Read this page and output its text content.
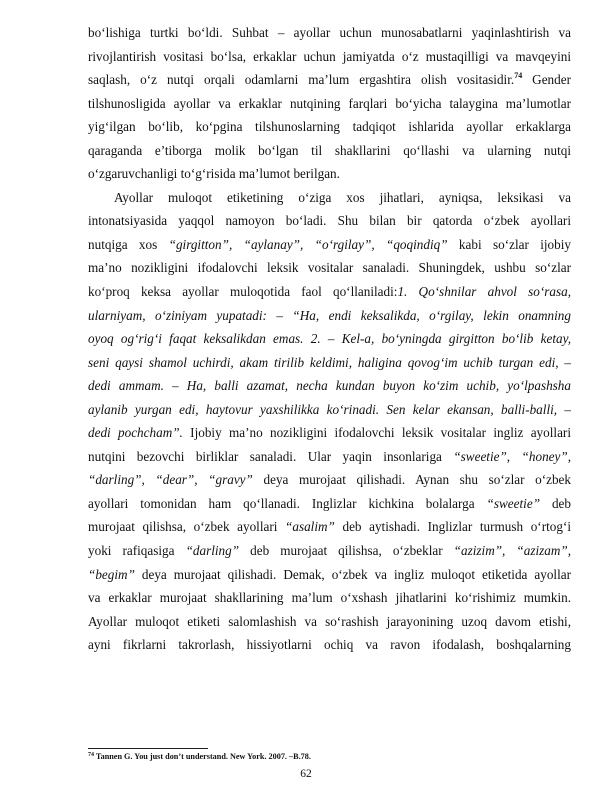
bo‘lishiga turtki bo‘ldi. Suhbat – ayollar uchun munosabatlarni yaqinlashtirish va
rivojlantirish vositasi bo‘lsa, erkaklar uchun jamiyatda o‘z mustaqilligi va mavqeyini
saqlash, o‘z nutqi orqali odamlarni ma’lum ergashtira olish vositasidir.$^{74}$ Gender
tilshunosligida ayollar va erkaklar nutqining farqlari bo‘yicha talaygina ma’lumotlar
yig‘ilgan bo‘lib, ko‘pgina tilshunoslarning tadqiqot ishlarida ayollar erkaklarga
qaraganda e’tiborga molik bo‘lgan til shakllarini qo‘llashi va ularning nutqi
o‘zgaruvchanligi to‘g‘risida ma’lumot berilgan.
Ayollar muloqot etiketining o‘ziga xos jihatlari, ayniqsa, leksikasi va
intonatsiyasida yaqqol namoyon bo‘ladi. Shu bilan bir qatorda o‘zbek ayollari
nutqiga xos “girgitton”, “aylanay”, “o‘rgilay”, “qoqindiq” kabi so‘zlar ijobiy
ma’no nozikligini ifodalovchi leksik vositalar sanaladi. Shuningdek, ushbu so‘zlar
ko‘proq keksa ayollar muloqotida faol qo‘llaniladi:1. Qo‘shnilar ahvol so‘rasa,
ularniyam, o‘ziniyam yupatadi: – “Ha, endi keksalikda, o‘rgilay, lekin onamning
oyoq og‘rig‘i faqat keksalikdan emas. 2. – Kel-a, bo‘yningda girgitton bo‘lib ketay,
seni qaysi shamol uchirdi, akam tirilib keldimi, haligina qovog‘im uchib turgan edi, –
dedi ammam. – Ha, balli azamat, necha kundan buyon ko‘zim uchib, yo‘lpashsha
aylanib yurgan edi, haytovur yaxshilikka ko‘rinadi. Sen kelar ekansan, balli-balli, –
dedi pochcham”. Ijobiy ma’no nozikligini ifodalovchi leksik vositalar ingliz ayollari
nutqini bezovchi birliklar sanaladi. Ular yaqin insonlariga “sweetie”, “honey”,
“darling”, “dear”, “gravy” deya murojaat qilishadi. Aynan shu so‘zlar o‘zbek
ayollari tomonidan ham qo‘llanadi. Inglizlar kichkina bolalarga “sweetie” deb
murojaat qilishsa, o‘zbek ayollari “asalim” deb aytishadi. Inglizlar turmush o‘rtog‘i
yoki rafiqasiga “darling” deb murojaat qilishsa, o‘zbeklar “azizim”, “azizam”,
“begim” deya murojaat qilishadi. Demak, o‘zbek va ingliz muloqot etiketida ayollar
va erkaklar murojaat shakllarining ma’lum o‘xshash jihatlarini ko‘rishimiz mumkin.
Ayollar muloqot etiketi salomlashish va so‘rashish jarayonining uzoq davom etishi,
ayni fikrlarni takrorlash, hissiyotlarni ochiq va ravon ifodalash, boshqalarning
$^{74}$ Tannen G. You just don’t understand. New York. 2007. –B.78.
62
